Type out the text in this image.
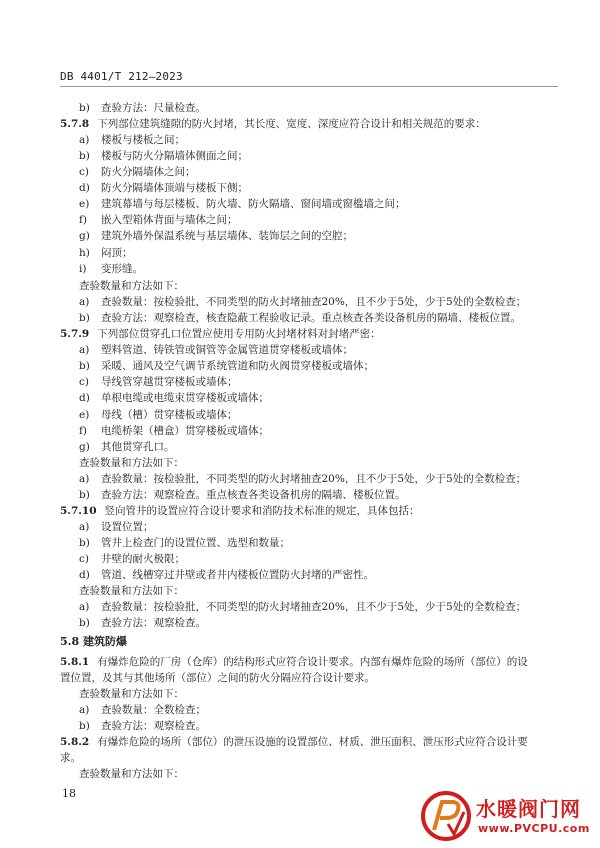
DB 4401/T 212—2023
b) 查验方法：尺量检查。
5.7.8 下列部位建筑缝隙的防火封堵，其长度、宽度、深度应符合设计和相关规范的要求：
a) 楼板与楼板之间；
b) 楼板与防火分隔墙体侧面之间；
c) 防火分隔墙体之间；
d) 防火分隔墙体顶端与楼板下侧；
e) 建筑幕墙与每层楼板、防火墙、防火隔墙、窗间墙或窗槛墙之间；
f) 嵌入型箱体背面与墙体之间；
g) 建筑外墙外保温系统与基层墙体、装饰层之间的空腔；
h) 闷顶；
i) 变形缝。
查验数量和方法如下：
a) 查验数量：按检验批，不同类型的防火封堵抽查20%，且不少于5处，少于5处的全数检查；
b) 查验方法：观察检查，核查隐蔽工程验收记录。重点核查各类设备机房的隔墙、楼板位置。
5.7.9 下列部位贯穿孔口位置应使用专用防火封堵材料对封堵严密：
a) 塑料管道、铸铁管或铜管等金属管道贯穿楼板或墙体；
b) 采暖、通风及空气调节系统管道和防火阀贯穿楼板或墙体；
c) 导线管穿越贯穿楼板或墙体；
d) 单根电缆或电缆束贯穿楼板或墙体；
e) 母线（槽）贯穿楼板或墙体；
f) 电缆桥架（槽盒）贯穿楼板或墙体；
g) 其他贯穿孔口。
查验数量和方法如下：
a) 查验数量：按检验批，不同类型的防火封堵抽查20%，且不少于5处，少于5处的全数检查；
b) 查验方法：观察检查。重点核查各类设备机房的隔墙、楼板位置。
5.7.10 竖向管井的设置应符合设计要求和消防技术标准的规定，具体包括：
a) 设置位置；
b) 管井上检查门的设置位置、选型和数量；
c) 井壁的耐火极限；
d) 管道、线槽穿过井壁或者井内楼板位置防火封堵的严密性。
查验数量和方法如下：
a) 查验数量：按检验批，不同类型的防火封堵抽查20%，且不少于5处，少于5处的全数检查；
b) 查验方法：观察检查。
5.8 建筑防爆
5.8.1 有爆炸危险的厂房（仓库）的结构形式应符合设计要求。内部有爆炸危险的场所（部位）的设
置位置，及其与其他场所（部位）之间的防火分隔应符合设计要求。
查验数量和方法如下：
a) 查验数量：全数检查；
b) 查验方法：观察检查。
5.8.2 有爆炸危险的场所（部位）的泄压设施的设置部位、材质、泄压面积、泄压形式应符合设计要
求。
查验数量和方法如下：
18
水暖阀门网
www.PVCPU.com
